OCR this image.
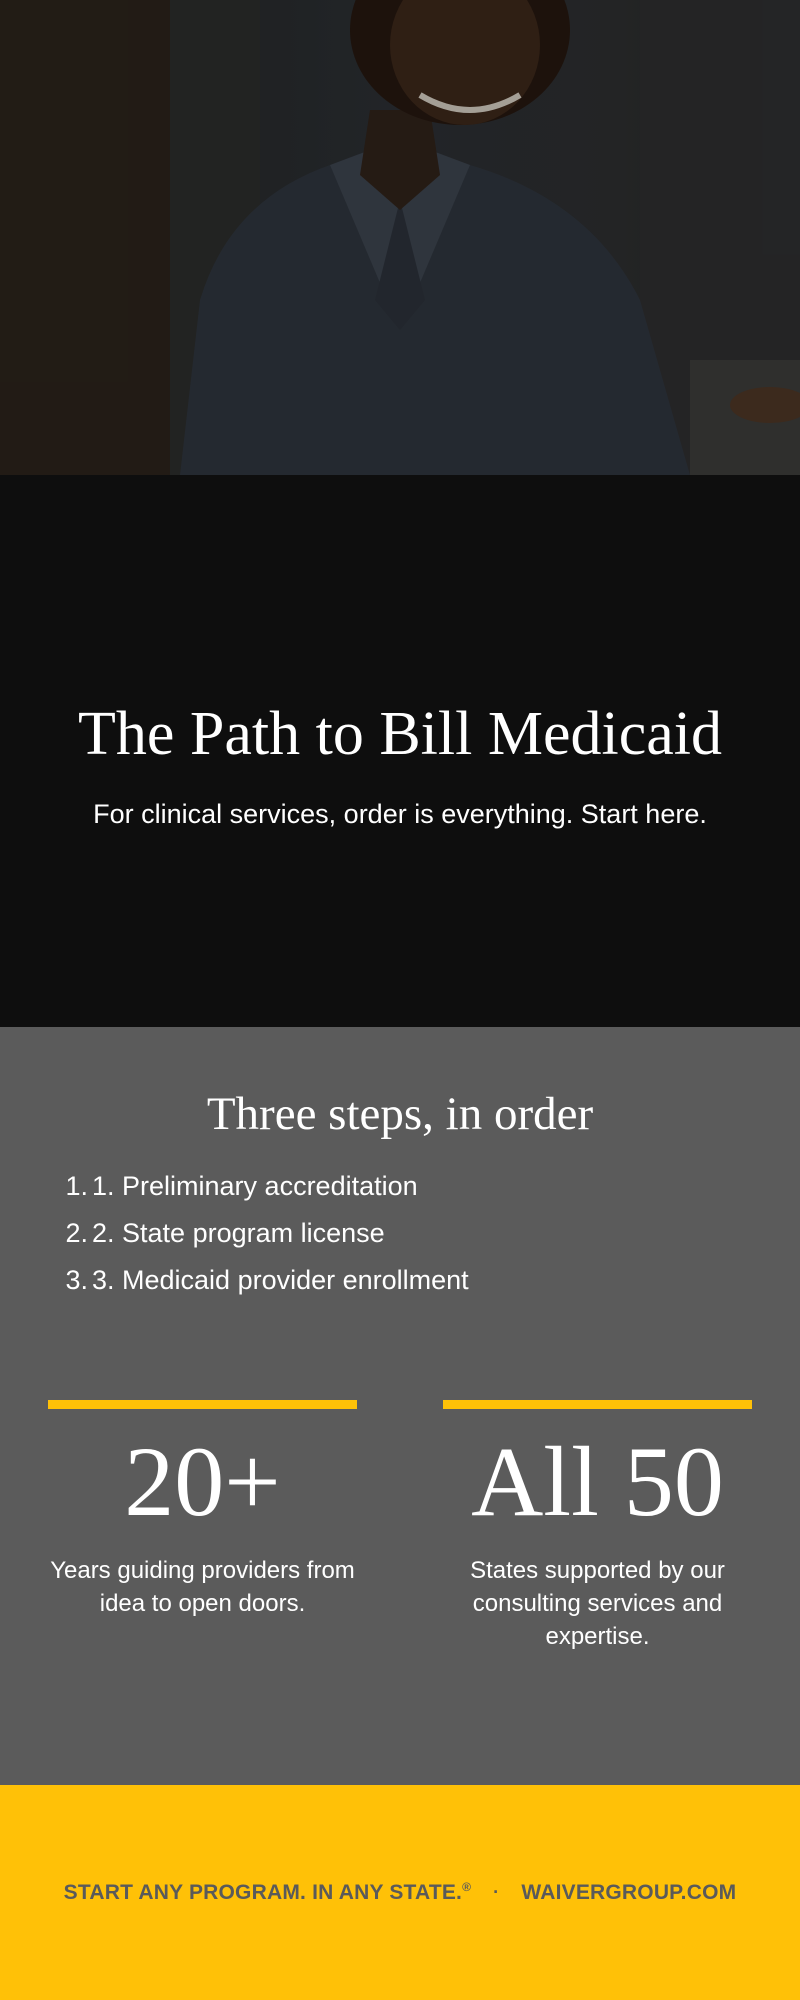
The Path to Bill Medicaid

For clinical services, order is everything. Start here.

Three steps, in order
1. 1. Preliminary accreditation
2. 2. State program license
3. 3. Medicaid provider enrollment
20+

Years guiding providers from idea to open doors.

All 50

States supported by our consulting services and expertise.

START ANY PROGRAM. IN ANY STATE.® · WAIVERGROUP.COM
